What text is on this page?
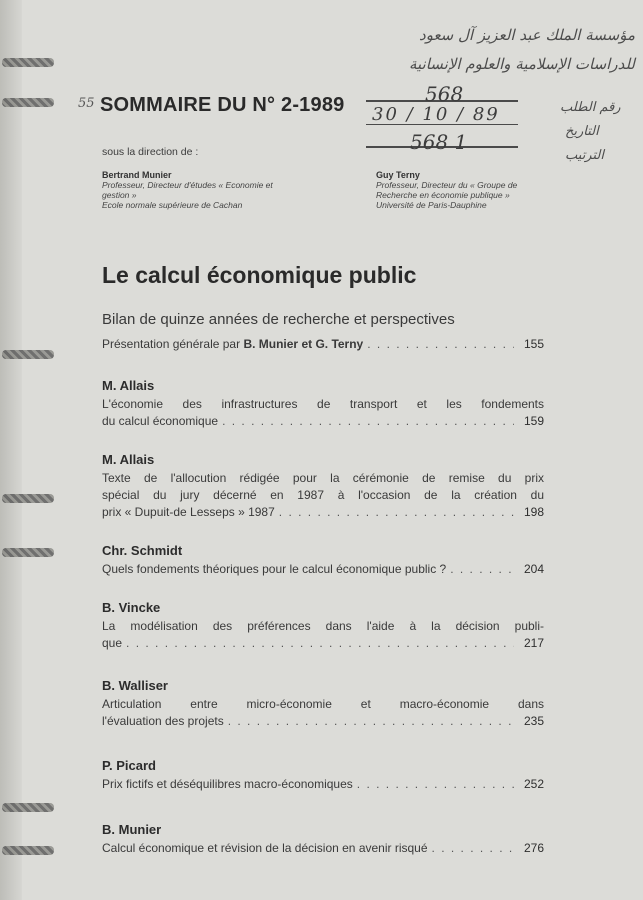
مؤسسة الملك عبد العزيز آل سعود
للدراسات الإسلامية والعلوم الإنسانية
رقم الطلب
التاريخ
الترتيب
568
30 / 10 / 89
568 1
55 SOMMAIRE DU N° 2-1989
sous la direction de :
Bertrand Munier
Professeur, Directeur d'études « Economie et
gestion »
Ecole normale supérieure de Cachan
Guy Terny
Professeur, Directeur du « Groupe de
Recherche en économie publique »
Université de Paris-Dauphine
Le calcul économique public
Bilan de quinze années de recherche et perspectives
Présentation générale par B. Munier et G. Terny . . .	155
M. Allais
L'économie des infrastructures de transport et les fondements
du calcul économique . . .	159
M. Allais
Texte de l'allocution rédigée pour la cérémonie de remise du prix
spécial du jury décerné en 1987 à l'occasion de la création du
prix « Dupuit-de Lesseps » 1987 . . .	198
Chr. Schmidt
Quels fondements théoriques pour le calcul économique public ? . . .	204
B. Vincke
La modélisation des préférences dans l'aide à la décision publi-
que . . .	217
B. Walliser
Articulation entre micro-économie et macro-économie dans
l'évaluation des projets . . .	235
P. Picard
Prix fictifs et déséquilibres macro-économiques . . .	252
B. Munier
Calcul économique et révision de la décision en avenir risqué . . .	276
